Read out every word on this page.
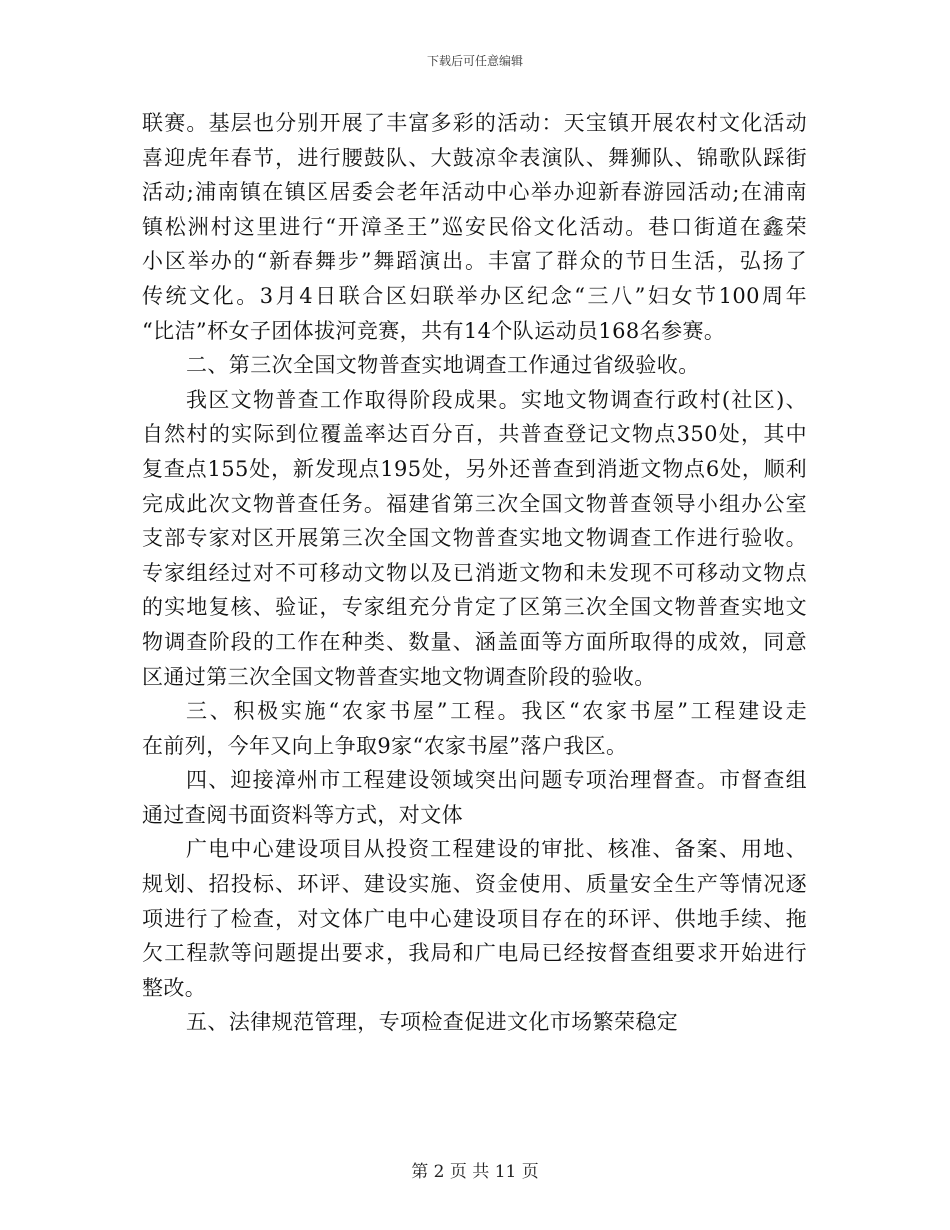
下载后可任意编辑
联赛。基层也分别开展了丰富多彩的活动：天宝镇开展农村文化活动
喜迎虎年春节，进行腰鼓队、大鼓凉伞表演队、舞狮队、锦歌队踩街
活动;浦南镇在镇区居委会老年活动中心举办迎新春游园活动;在浦南
镇松洲村这里进行“开漳圣王”巡安民俗文化活动。巷口街道在鑫荣
小区举办的“新春舞步”舞蹈演出。丰富了群众的节日生活，弘扬了
传统文化。3月4日联合区妇联举办区纪念“三八”妇女节100周年
“比洁”杯女子团体拔河竞赛，共有14个队运动员168名参赛。
二、第三次全国文物普查实地调查工作通过省级验收。
我区文物普查工作取得阶段成果。实地文物调查行政村(社区)、
自然村的实际到位覆盖率达百分百，共普查登记文物点350处，其中
复查点155处，新发现点195处，另外还普查到消逝文物点6处，顺利
完成此次文物普查任务。福建省第三次全国文物普查领导小组办公室
支部专家对区开展第三次全国文物普查实地文物调查工作进行验收。
专家组经过对不可移动文物以及已消逝文物和未发现不可移动文物点
的实地复核、验证，专家组充分肯定了区第三次全国文物普查实地文
物调查阶段的工作在种类、数量、涵盖面等方面所取得的成效，同意
区通过第三次全国文物普查实地文物调查阶段的验收。
三、积极实施“农家书屋”工程。我区“农家书屋”工程建设走
在前列，今年又向上争取9家“农家书屋”落户我区。
四、迎接漳州市工程建设领域突出问题专项治理督查。市督查组
通过查阅书面资料等方式，对文体
广电中心建设项目从投资工程建设的审批、核准、备案、用地、
规划、招投标、环评、建设实施、资金使用、质量安全生产等情况逐
项进行了检查，对文体广电中心建设项目存在的环评、供地手续、拖
欠工程款等问题提出要求，我局和广电局已经按督查组要求开始进行
整改。
五、法律规范管理，专项检查促进文化市场繁荣稳定
第 2 页 共 11 页
